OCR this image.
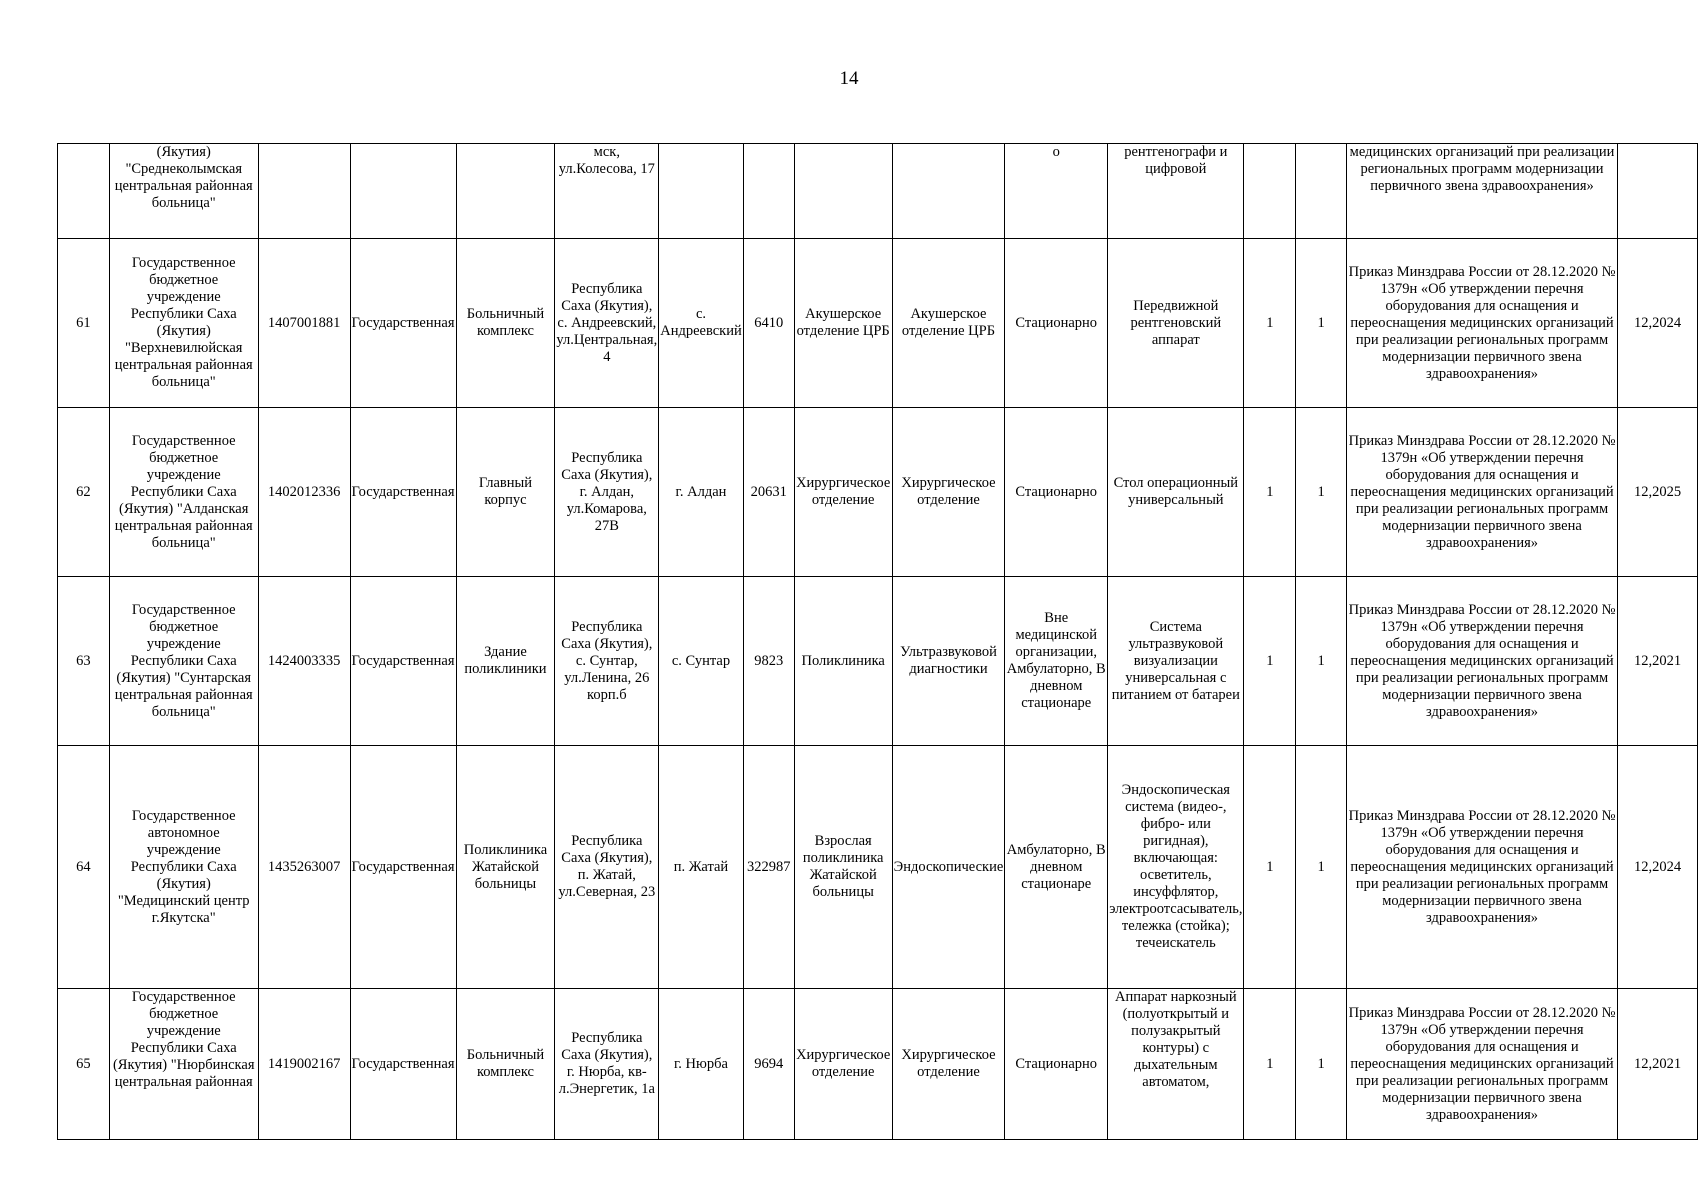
14
	(Якутия) "Среднеколымская центральная районная больница"				мск, ул.Колесова, 17					о	рентгенографи и цифровой			медицинских организаций при реализации региональных программ модернизации первичного звена здравоохранения»	
61	Государственное бюджетное учреждение Республики Саха (Якутия) "Верхневилюйская центральная районная больница"	1407001881	Государственная	Больничный комплекс	Республика Саха (Якутия), с. Андреевский, ул.Центральная, 4	с. Андреевский	6410	Акушерское отделение ЦРБ	Акушерское отделение ЦРБ	Стационарно	Передвижной рентгеновский аппарат	1	1	Приказ Минздрава России от 28.12.2020 № 1379н «Об утверждении перечня оборудования для оснащения и переоснащения медицинских организаций при реализации региональных программ модернизации первичного звена здравоохранения»	12,2024
62	Государственное бюджетное учреждение Республики Саха (Якутия) "Алданская центральная районная больница"	1402012336	Государственная	Главный корпус	Республика Саха (Якутия), г. Алдан, ул.Комарова, 27В	г. Алдан	20631	Хирургическое отделение	Хирургическое отделение	Стационарно	Стол операционный универсальный	1	1	Приказ Минздрава России от 28.12.2020 № 1379н «Об утверждении перечня оборудования для оснащения и переоснащения медицинских организаций при реализации региональных программ модернизации первичного звена здравоохранения»	12,2025
63	Государственное бюджетное учреждение Республики Саха (Якутия) "Сунтарская центральная районная больница"	1424003335	Государственная	Здание поликлиники	Республика Саха (Якутия), с. Сунтар, ул.Ленина, 26 корп.б	с. Сунтар	9823	Поликлиника	Ультразвуковой диагностики	Вне медицинской организации, Амбулаторно, В дневном стационаре	Система ультразвуковой визуализации универсальная с питанием от батареи	1	1	Приказ Минздрава России от 28.12.2020 № 1379н «Об утверждении перечня оборудования для оснащения и переоснащения медицинских организаций при реализации региональных программ модернизации первичного звена здравоохранения»	12,2021
64	Государственное автономное учреждение Республики Саха (Якутия) "Медицинский центр г.Якутска"	1435263007	Государственная	Поликлиника Жатайской больницы	Республика Саха (Якутия), п. Жатай, ул.Северная, 23	п. Жатай	322987	Взрослая поликлиника Жатайской больницы	Эндоскопические	Амбулаторно, В дневном стационаре	Эндоскопическая система (видео-, фибро- или ригидная), включающая: осветитель, инсуффлятор, электроотсасыватель, тележка (стойка); течеискатель	1	1	Приказ Минздрава России от 28.12.2020 № 1379н «Об утверждении перечня оборудования для оснащения и переоснащения медицинских организаций при реализации региональных программ модернизации первичного звена здравоохранения»	12,2024
65	Государственное бюджетное учреждение Республики Саха (Якутия) "Нюрбинская центральная районная	1419002167	Государственная	Больничный комплекс	Республика Саха (Якутия), г. Нюрба, кв-л.Энергетик, 1а	г. Нюрба	9694	Хирургическое отделение	Хирургическое отделение	Стационарно	Аппарат наркозный (полуоткрытый и полузакрытый контуры) с дыхательным автоматом,	1	1	Приказ Минздрава России от 28.12.2020 № 1379н «Об утверждении перечня оборудования для оснащения и переоснащения медицинских организаций при реализации региональных программ модернизации первичного звена здравоохранения»	12,2021
